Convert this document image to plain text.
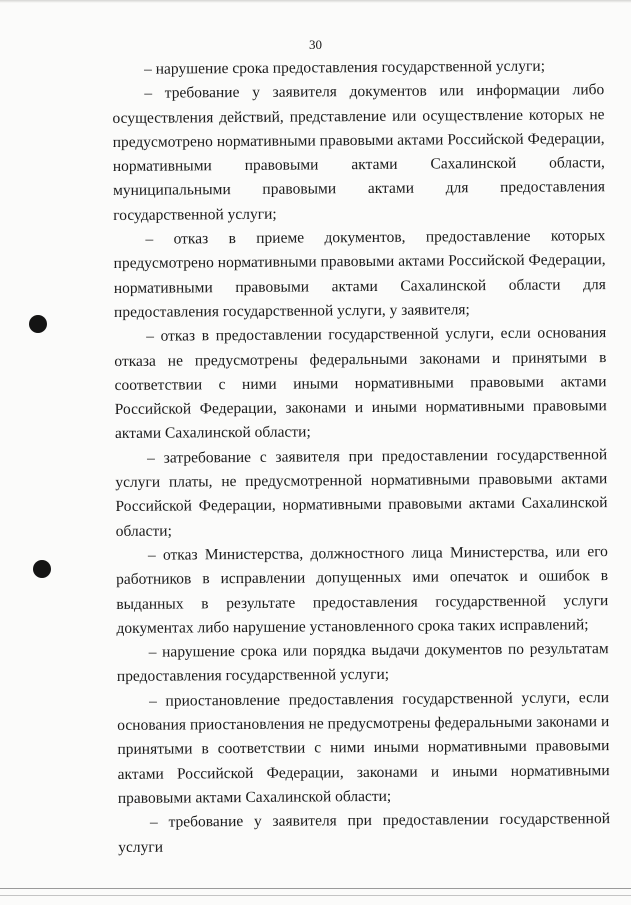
30

– нарушение срока предоставления государственной услуги;

– требование у заявителя документов или информации либо осуществления действий, представление или осуществление которых не предусмотрено нормативными правовыми актами Российской Федерации, нормативными правовыми актами Сахалинской области, муниципальными правовыми актами для предоставления государственной услуги;

– отказ в приеме документов, предоставление которых предусмотрено нормативными правовыми актами Российской Федерации, нормативными правовыми актами Сахалинской области для предоставления государственной услуги, у заявителя;

– отказ в предоставлении государственной услуги, если основания отказа не предусмотрены федеральными законами и принятыми в соответствии с ними иными нормативными правовыми актами Российской Федерации, законами и иными нормативными правовыми актами Сахалинской области;

– затребование с заявителя при предоставлении государственной услуги платы, не предусмотренной нормативными правовыми актами Российской Федерации, нормативными правовыми актами Сахалинской области;

– отказ Министерства, должностного лица Министерства, или его работников в исправлении допущенных ими опечаток и ошибок в выданных в результате предоставления государственной услуги документах либо нарушение установленного срока таких исправлений;

– нарушение срока или порядка выдачи документов по результатам предоставления государственной услуги;

– приостановление предоставления государственной услуги, если основания приостановления не предусмотрены федеральными законами и принятыми в соответствии с ними иными нормативными правовыми актами Российской Федерации, законами и иными нормативными правовыми актами Сахалинской области;

– требование у заявителя при предоставлении государственной услуги
